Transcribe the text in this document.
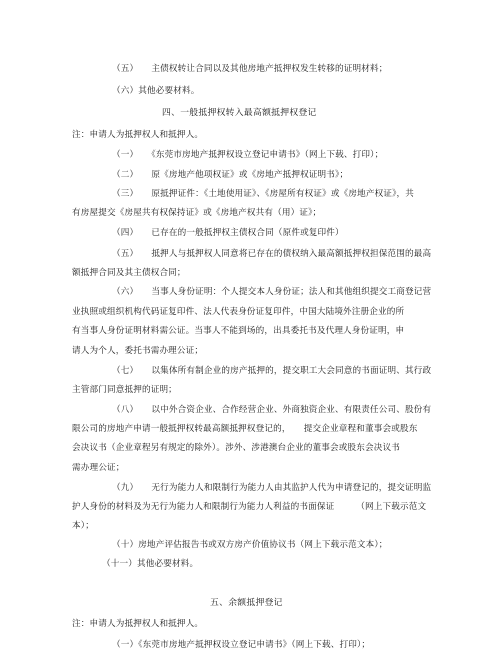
（五）　　主债权转让合同以及其他房地产抵押权发生转移的证明材料；
（六）其他必要材料。
四、一般抵押权转入最高额抵押权登记
注：申请人为抵押权人和抵押人。
（一）　　《东莞市房地产抵押权设立登记申请书》（网上下载、打印）；
（二）　　原《房地产他项权证》或《房地产抵押权证明书》；
（三）　　原抵押证件：《土地使用证》、《房屋所有权证》或《房地产权证》，共
有房屋提交《房屋共有权保持证》或《房地产权共有（用）证》；
（四）　　已存在的一般抵押权主债权合同（原件或复印件）
（五）　　抵押人与抵押权人同意将已存在的债权纳入最高额抵押权担保范围的最高
额抵押合同及其主债权合同；
（六）　　当事人身份证明：个人提交本人身份证；法人和其他组织提交工商登记营
业执照或组织机构代码证复印件、法人代表身份证复印件，中国大陆境外注册企业的所
有当事人身份证明材料需公证。当事人不能到场的，出具委托书及代理人身份证明，申
请人为个人，委托书需办理公证；
（七）　　以集体所有制企业的房产抵押的，提交职工大会同意的书面证明、其行政
主管部门同意抵押的证明；
（八）　　以中外合资企业、合作经营企业、外商独资企业、有限责任公司、股份有
限公司的房地产申请一般抵押权转最高额抵押权登记的，　　提交企业章程和董事会或股东
会决议书（企业章程另有规定的除外）。涉外、涉港澳台企业的董事会或股东会决议书
需办理公证；
（九）　　无行为能力人和限制行为能力人由其监护人代为申请登记的，提交证明监
护人身份的材料及为无行为能力人和限制行为能力人利益的书面保证　　　（网上下载示范文
本）；
（十）房地产评估报告书或双方房产价值协议书（网上下载示范文本）；
（十一）其他必要材料。
五、余额抵押登记
注：申请人为抵押权人和抵押人。
（一）《东莞市房地产抵押权设立登记申请书》（网上下载、打印）；
